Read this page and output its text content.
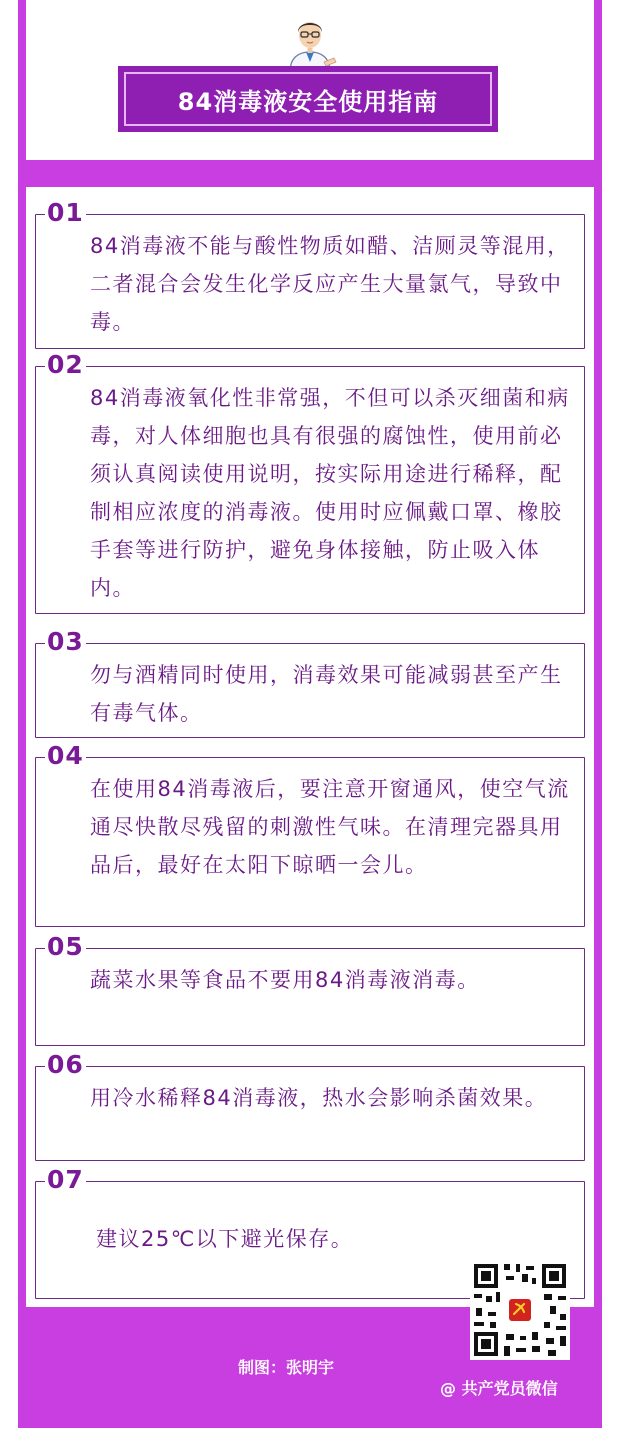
84消毒液安全使用指南
01
84消毒液不能与酸性物质如醋、洁厕灵等混用，二者混合会发生化学反应产生大量氯气，导致中毒。
02
84消毒液氧化性非常强，不但可以杀灭细菌和病毒，对人体细胞也具有很强的腐蚀性，使用前必须认真阅读使用说明，按实际用途进行稀释，配制相应浓度的消毒液。使用时应佩戴口罩、橡胶手套等进行防护，避免身体接触，防止吸入体内。
03
勿与酒精同时使用，消毒效果可能减弱甚至产生有毒气体。
04
在使用84消毒液后，要注意开窗通风，使空气流通尽快散尽残留的刺激性气味。在清理完器具用品后，最好在太阳下晾晒一会儿。
05
蔬菜水果等食品不要用84消毒液消毒。
06
用冷水稀释84消毒液，热水会影响杀菌效果。
07
建议25℃以下避光保存。
制图：张明宇
@ 共产党员微信
